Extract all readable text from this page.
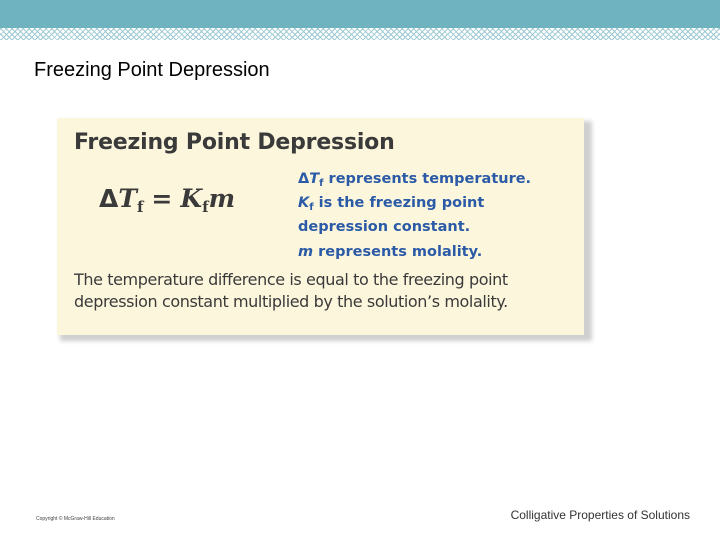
Freezing Point Depression
Freezing Point Depression
$\Delta T_f = K_fm$
$\Delta T_f$ represents temperature.
$K_f$ is the freezing point depression constant.
m represents molality.
The temperature difference is equal to the freezing point depression constant multiplied by the solution’s molality.
Copyright © McGraw-Hill Education	Colligative Properties of Solutions
